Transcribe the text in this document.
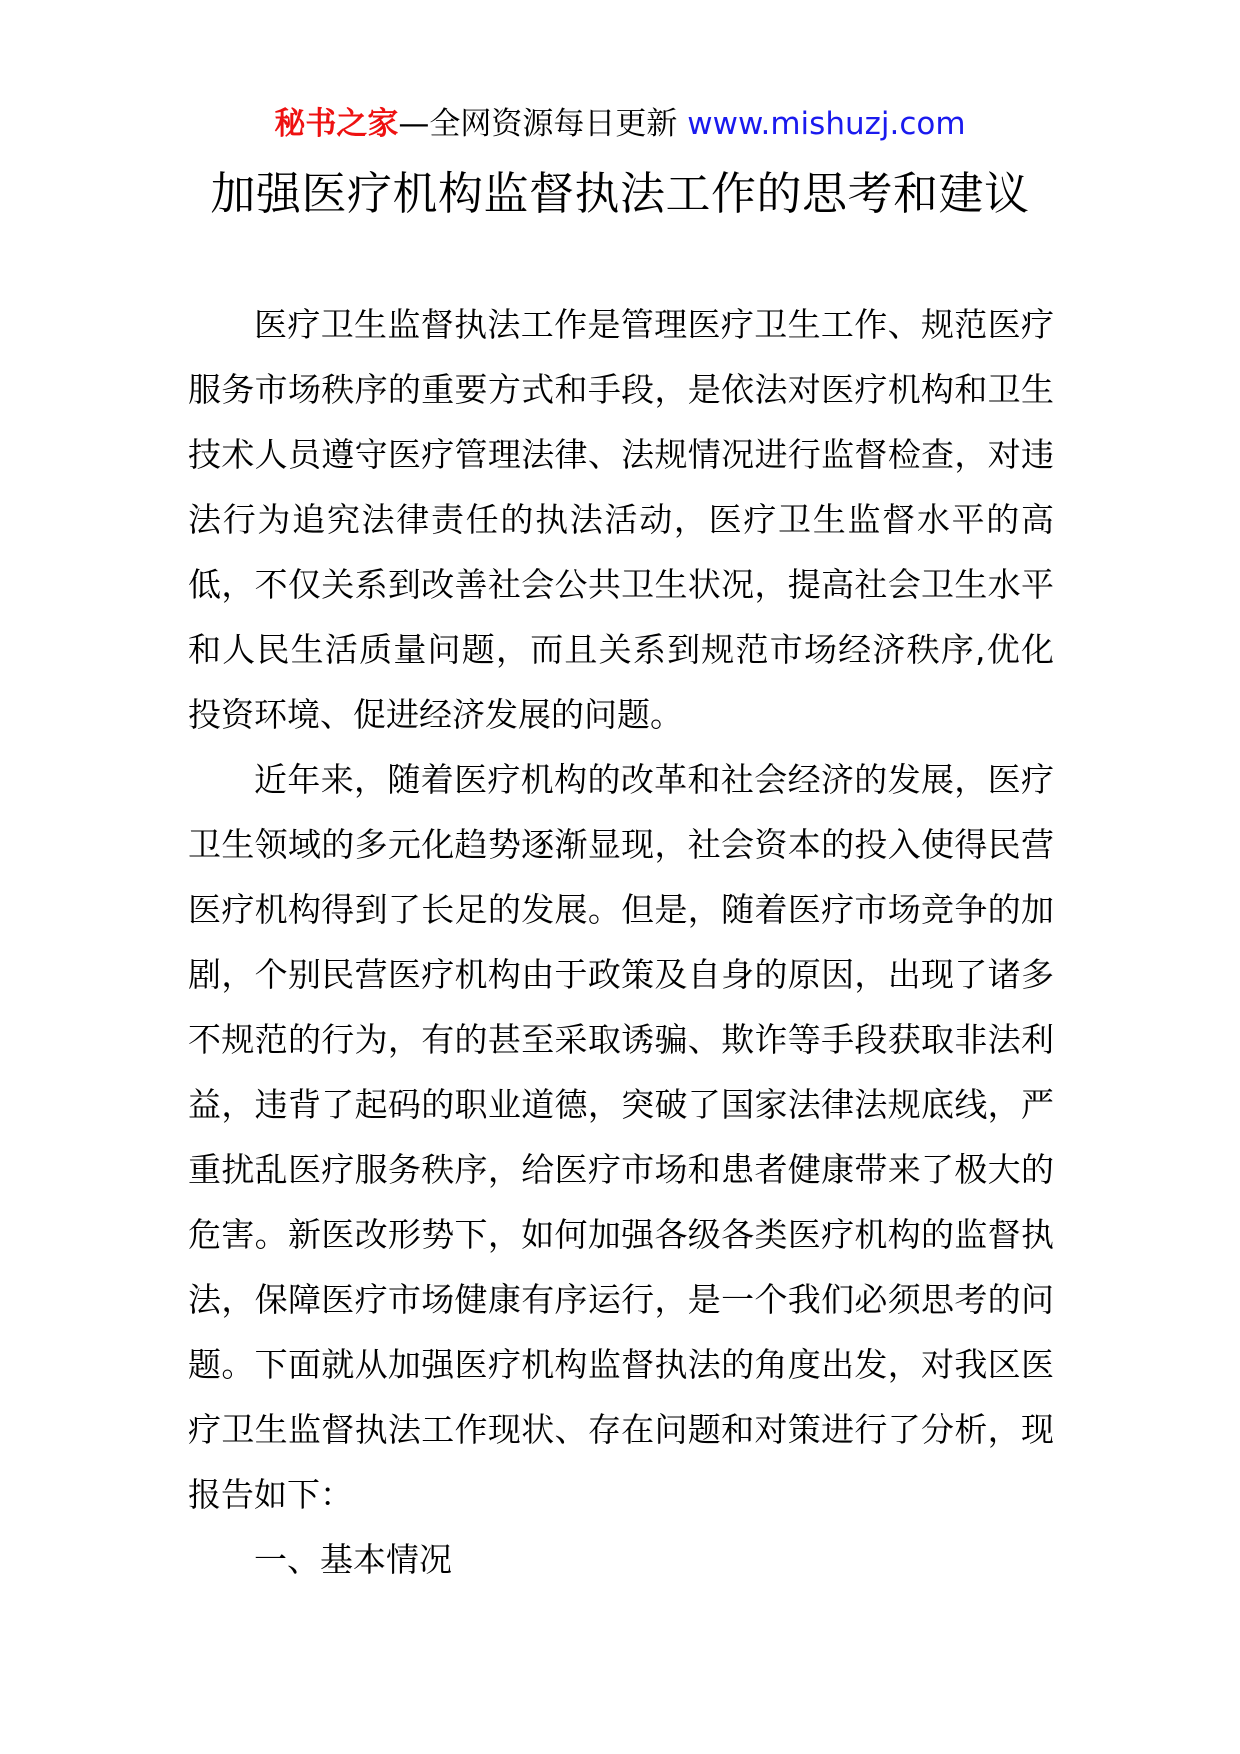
秘书之家—全网资源每日更新 www.mishuzj.com
加强医疗机构监督执法工作的思考和建议

医疗卫生监督执法工作是管理医疗卫生工作、规范医疗服务市场秩序的重要方式和手段，是依法对医疗机构和卫生技术人员遵守医疗管理法律、法规情况进行监督检查，对违法行为追究法律责任的执法活动，医疗卫生监督水平的高低，不仅关系到改善社会公共卫生状况，提高社会卫生水平和人民生活质量问题，而且关系到规范市场经济秩序,优化投资环境、促进经济发展的问题。

近年来，随着医疗机构的改革和社会经济的发展，医疗卫生领域的多元化趋势逐渐显现，社会资本的投入使得民营医疗机构得到了长足的发展。但是，随着医疗市场竞争的加剧，个别民营医疗机构由于政策及自身的原因，出现了诸多不规范的行为，有的甚至采取诱骗、欺诈等手段获取非法利益，违背了起码的职业道德，突破了国家法律法规底线，严重扰乱医疗服务秩序，给医疗市场和患者健康带来了极大的危害。新医改形势下，如何加强各级各类医疗机构的监督执法，保障医疗市场健康有序运行，是一个我们必须思考的问题。下面就从加强医疗机构监督执法的角度出发，对我区医疗卫生监督执法工作现状、存在问题和对策进行了分析，现报告如下：

一、基本情况
